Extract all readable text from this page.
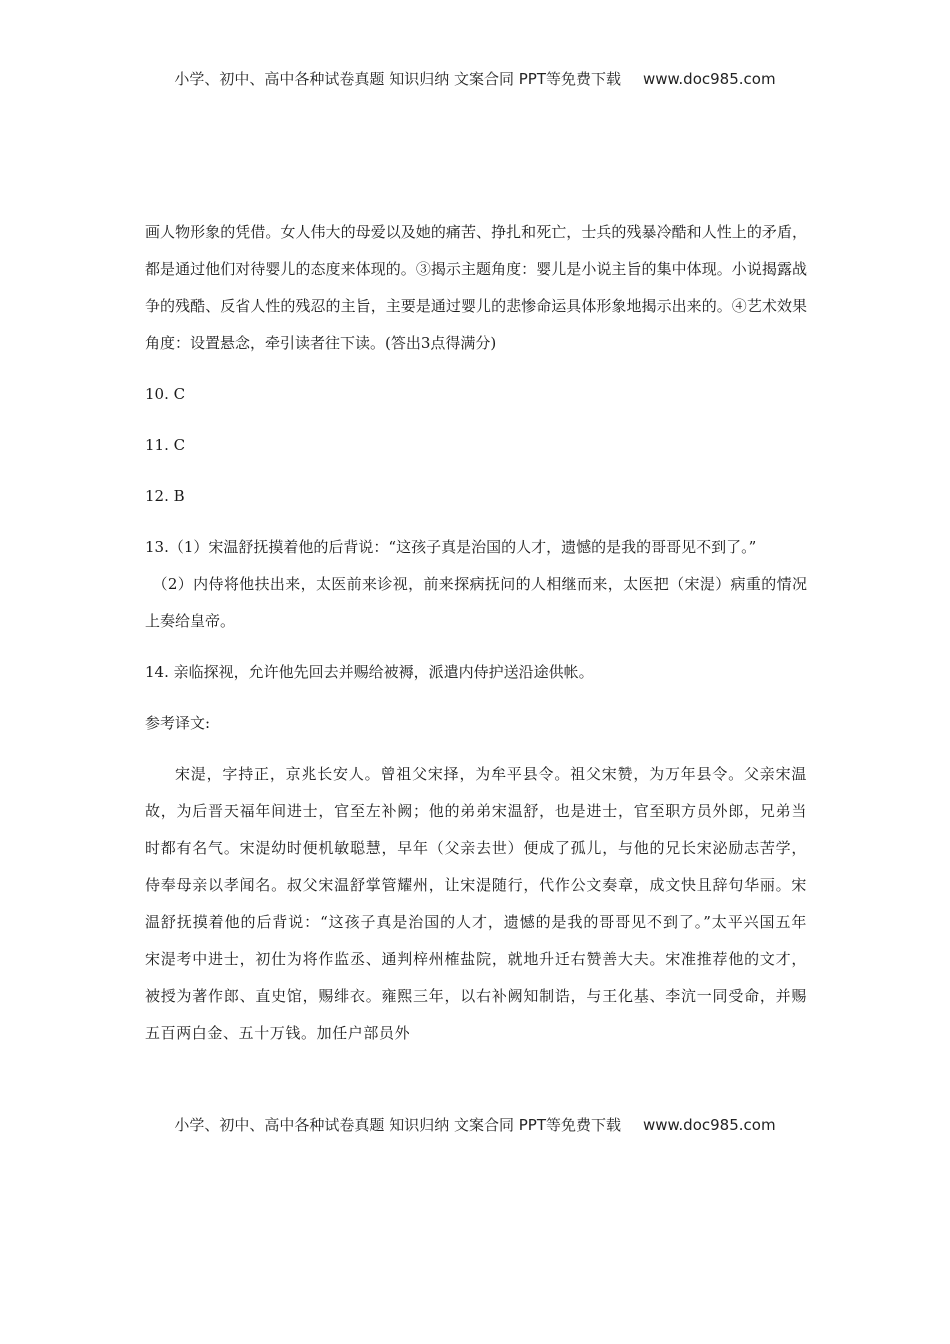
小学、初中、高中各种试卷真题 知识归纳 文案合同 PPT等免费下载 www.doc985.com

画人物形象的凭借。女人伟大的母爱以及她的痛苦、挣扎和死亡，士兵的残暴冷酷和人性上的矛盾，都是通过他们对待婴儿的态度来体现的。③揭示主题角度：婴儿是小说主旨的集中体现。小说揭露战争的残酷、反省人性的残忍的主旨，主要是通过婴儿的悲惨命运具体形象地揭示出来的。④艺术效果角度：设置悬念，牵引读者往下读。(答出3点得满分)

10. C

11. C

12. B

13.（1）宋温舒抚摸着他的后背说：“这孩子真是治国的人才，遗憾的是我的哥哥见不到了。”

（2）内侍将他扶出来，太医前来诊视，前来探病抚问的人相继而来，太医把（宋湜）病重的情况上奏给皇帝。

14. 亲临探视，允许他先回去并赐给被褥，派遣内侍护送沿途供帐。

参考译文:

宋湜，字持正，京兆长安人。曾祖父宋择，为牟平县令。祖父宋赞，为万年县令。父亲宋温故，为后晋天福年间进士，官至左补阙；他的弟弟宋温舒，也是进士，官至职方员外郎，兄弟当时都有名气。宋湜幼时便机敏聪慧，早年（父亲去世）便成了孤儿，与他的兄长宋泌励志苦学，侍奉母亲以孝闻名。叔父宋温舒掌管耀州，让宋湜随行，代作公文奏章，成文快且辞句华丽。宋温舒抚摸着他的后背说：“这孩子真是治国的人才，遗憾的是我的哥哥见不到了。”太平兴国五年宋湜考中进士，初仕为将作监丞、通判梓州榷盐院，就地升迁右赞善大夫。宋准推荐他的文才，被授为著作郎、直史馆，赐绯衣。雍熙三年，以右补阙知制诰，与王化基、李沆一同受命，并赐五百两白金、五十万钱。加任户部员外

小学、初中、高中各种试卷真题 知识归纳 文案合同 PPT等免费下载 www.doc985.com
